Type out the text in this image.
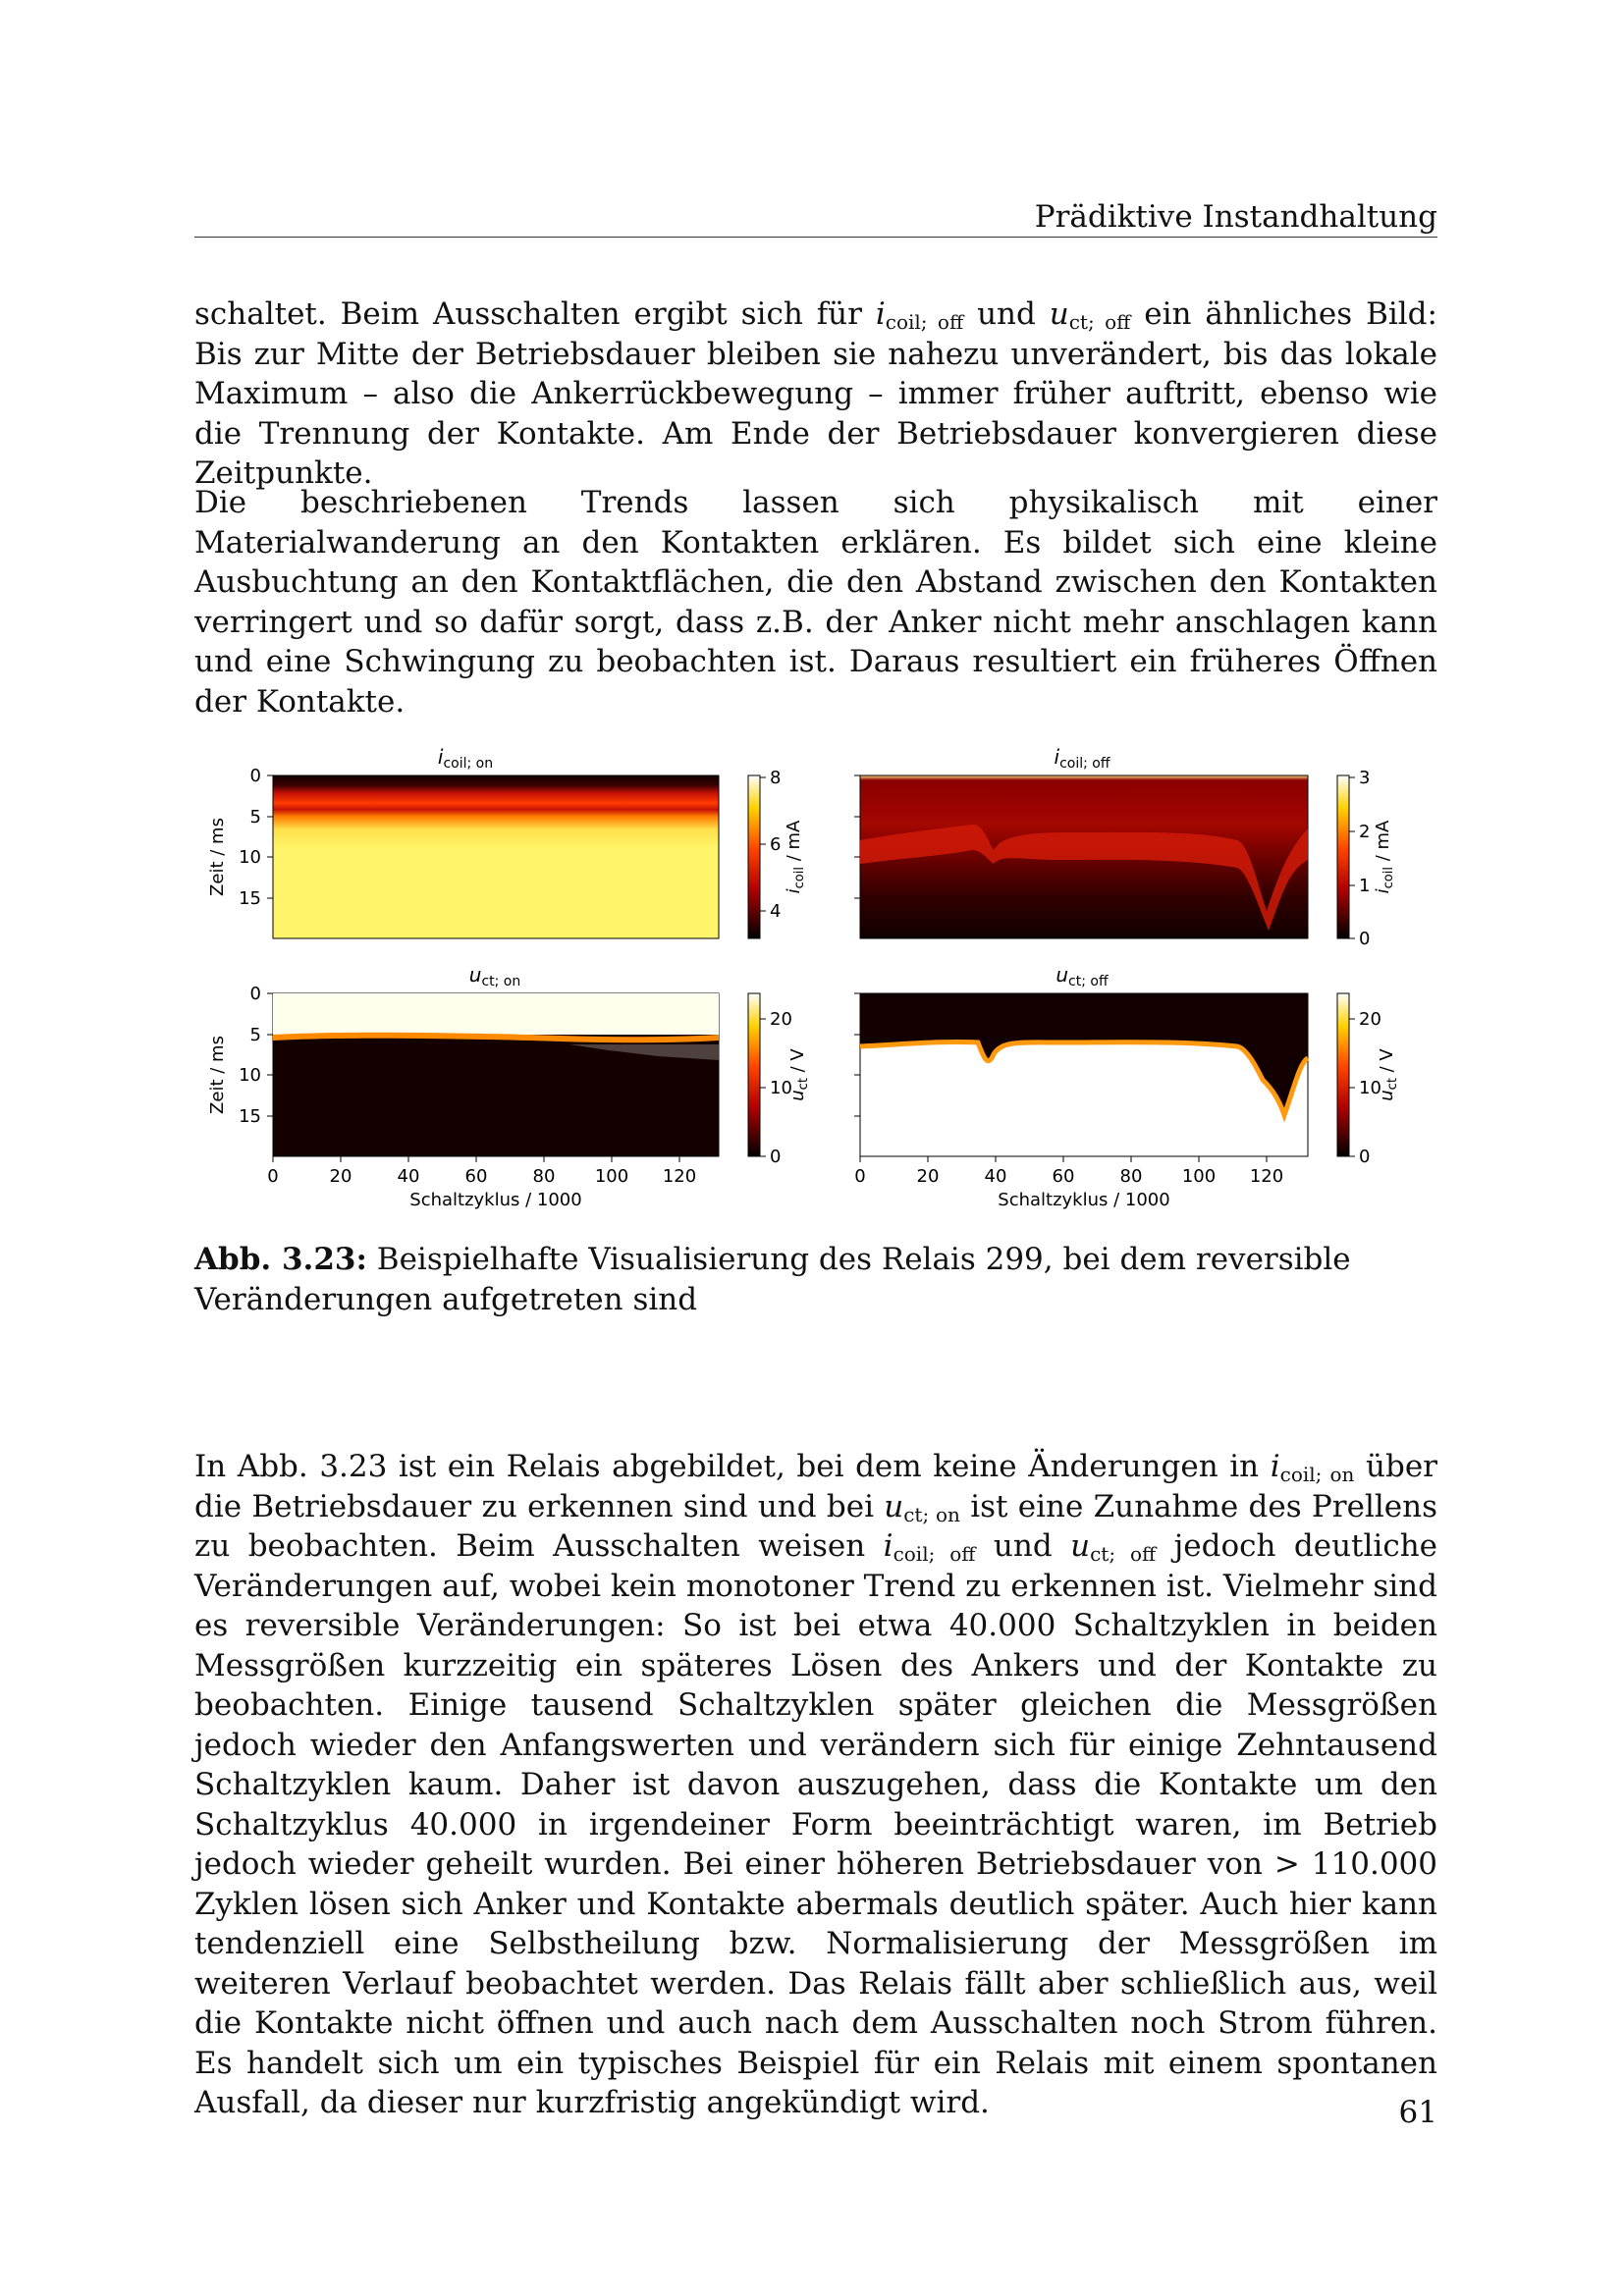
Prädiktive Instandhaltung

schaltet. Beim Ausschalten ergibt sich für $i_{coil; off}$ und $u_{ct; off}$ ein ähnliches Bild: Bis zur Mitte der Betriebsdauer bleiben sie nahezu unverändert, bis das lokale Maximum – also die Ankerrückbewegung – immer früher auftritt, ebenso wie die Trennung der Kontakte. Am Ende der Betriebsdauer konvergieren diese Zeitpunkte.

Die beschriebenen Trends lassen sich physikalisch mit einer Materialwanderung an den Kontakten erklären. Es bildet sich eine kleine Ausbuchtung an den Kontaktflächen, die den Abstand zwischen den Kontakten verringert und so dafür sorgt, dass z.B. der Anker nicht mehr anschlagen kann und eine Schwingung zu beobachten ist. Daraus resultiert ein früheres Öffnen der Kontakte.

$i_{coil; on}$
0
5
10
15
Zeit / ms
8
6
4
$i_{coil}$ / mA
$i_{coil; off}$
3
2
1
0
$i_{coil}$ / mA
$u_{ct; on}$
0
5
10
15
Zeit / ms
0	20	40	60	80 100 120
Schaltzyklus / 1000
20
10
0
$u_{ct}$ / V
$u_{ct; off}$
0	20	40	60	80 100 120
Schaltzyklus / 1000
20
10
0
$u_{ct}$ / V

Abb. 3.23: Beispielhafte Visualisierung des Relais 299, bei dem reversible Veränderungen aufgetreten sind

In Abb. 3.23 ist ein Relais abgebildet, bei dem keine Änderungen in $i_{coil; on}$ über die Betriebsdauer zu erkennen sind und bei $u_{ct; on}$ ist eine Zunahme des Prellens zu beobachten. Beim Ausschalten weisen $i_{coil; off}$ und $u_{ct; off}$ jedoch deutliche Veränderungen auf, wobei kein monotoner Trend zu erkennen ist. Vielmehr sind es reversible Veränderungen: So ist bei etwa 40.000 Schaltzyklen in beiden Messgrößen kurzzeitig ein späteres Lösen des Ankers und der Kontakte zu beobachten. Einige tausend Schaltzyklen später gleichen die Messgrößen jedoch wieder den Anfangswerten und verändern sich für einige Zehntausend Schaltzyklen kaum. Daher ist davon auszugehen, dass die Kontakte um den Schaltzyklus 40.000 in irgendeiner Form beeinträchtigt waren, im Betrieb jedoch wieder geheilt wurden. Bei einer höheren Betriebsdauer von > 110.000 Zyklen lösen sich Anker und Kontakte abermals deutlich später. Auch hier kann tendenziell eine Selbstheilung bzw. Normalisierung der Messgrößen im weiteren Verlauf beobachtet werden. Das Relais fällt aber schließlich aus, weil die Kontakte nicht öffnen und auch nach dem Ausschalten noch Strom führen. Es handelt sich um ein typisches Beispiel für ein Relais mit einem spontanen Ausfall, da dieser nur kurzfristig angekündigt wird.	61
